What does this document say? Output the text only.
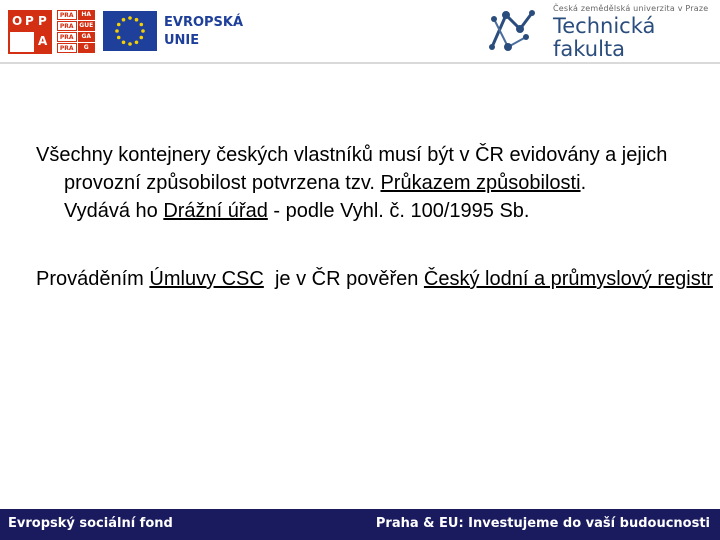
O P P
A
PRA	HA
PRA GUE
PRA	GA
PRA	G
EVROPSKÁ
UNIE
Česká zemědělská univerzita v Praze
Technická
fakulta

Všechny kontejnery českých vlastníků musí být v ČR evidovány a jejich provozní způsobilost potvrzena tzv. Průkazem způsobilosti.

Vydává ho Drážní úřad - podle Vyhl. č. 100/1995 Sb.

Prováděním Úmluvy CSC  je v ČR pověřen Český lodní a průmyslový registr

Evropský sociální fond	Praha & EU: Investujeme do vaší budoucnosti
